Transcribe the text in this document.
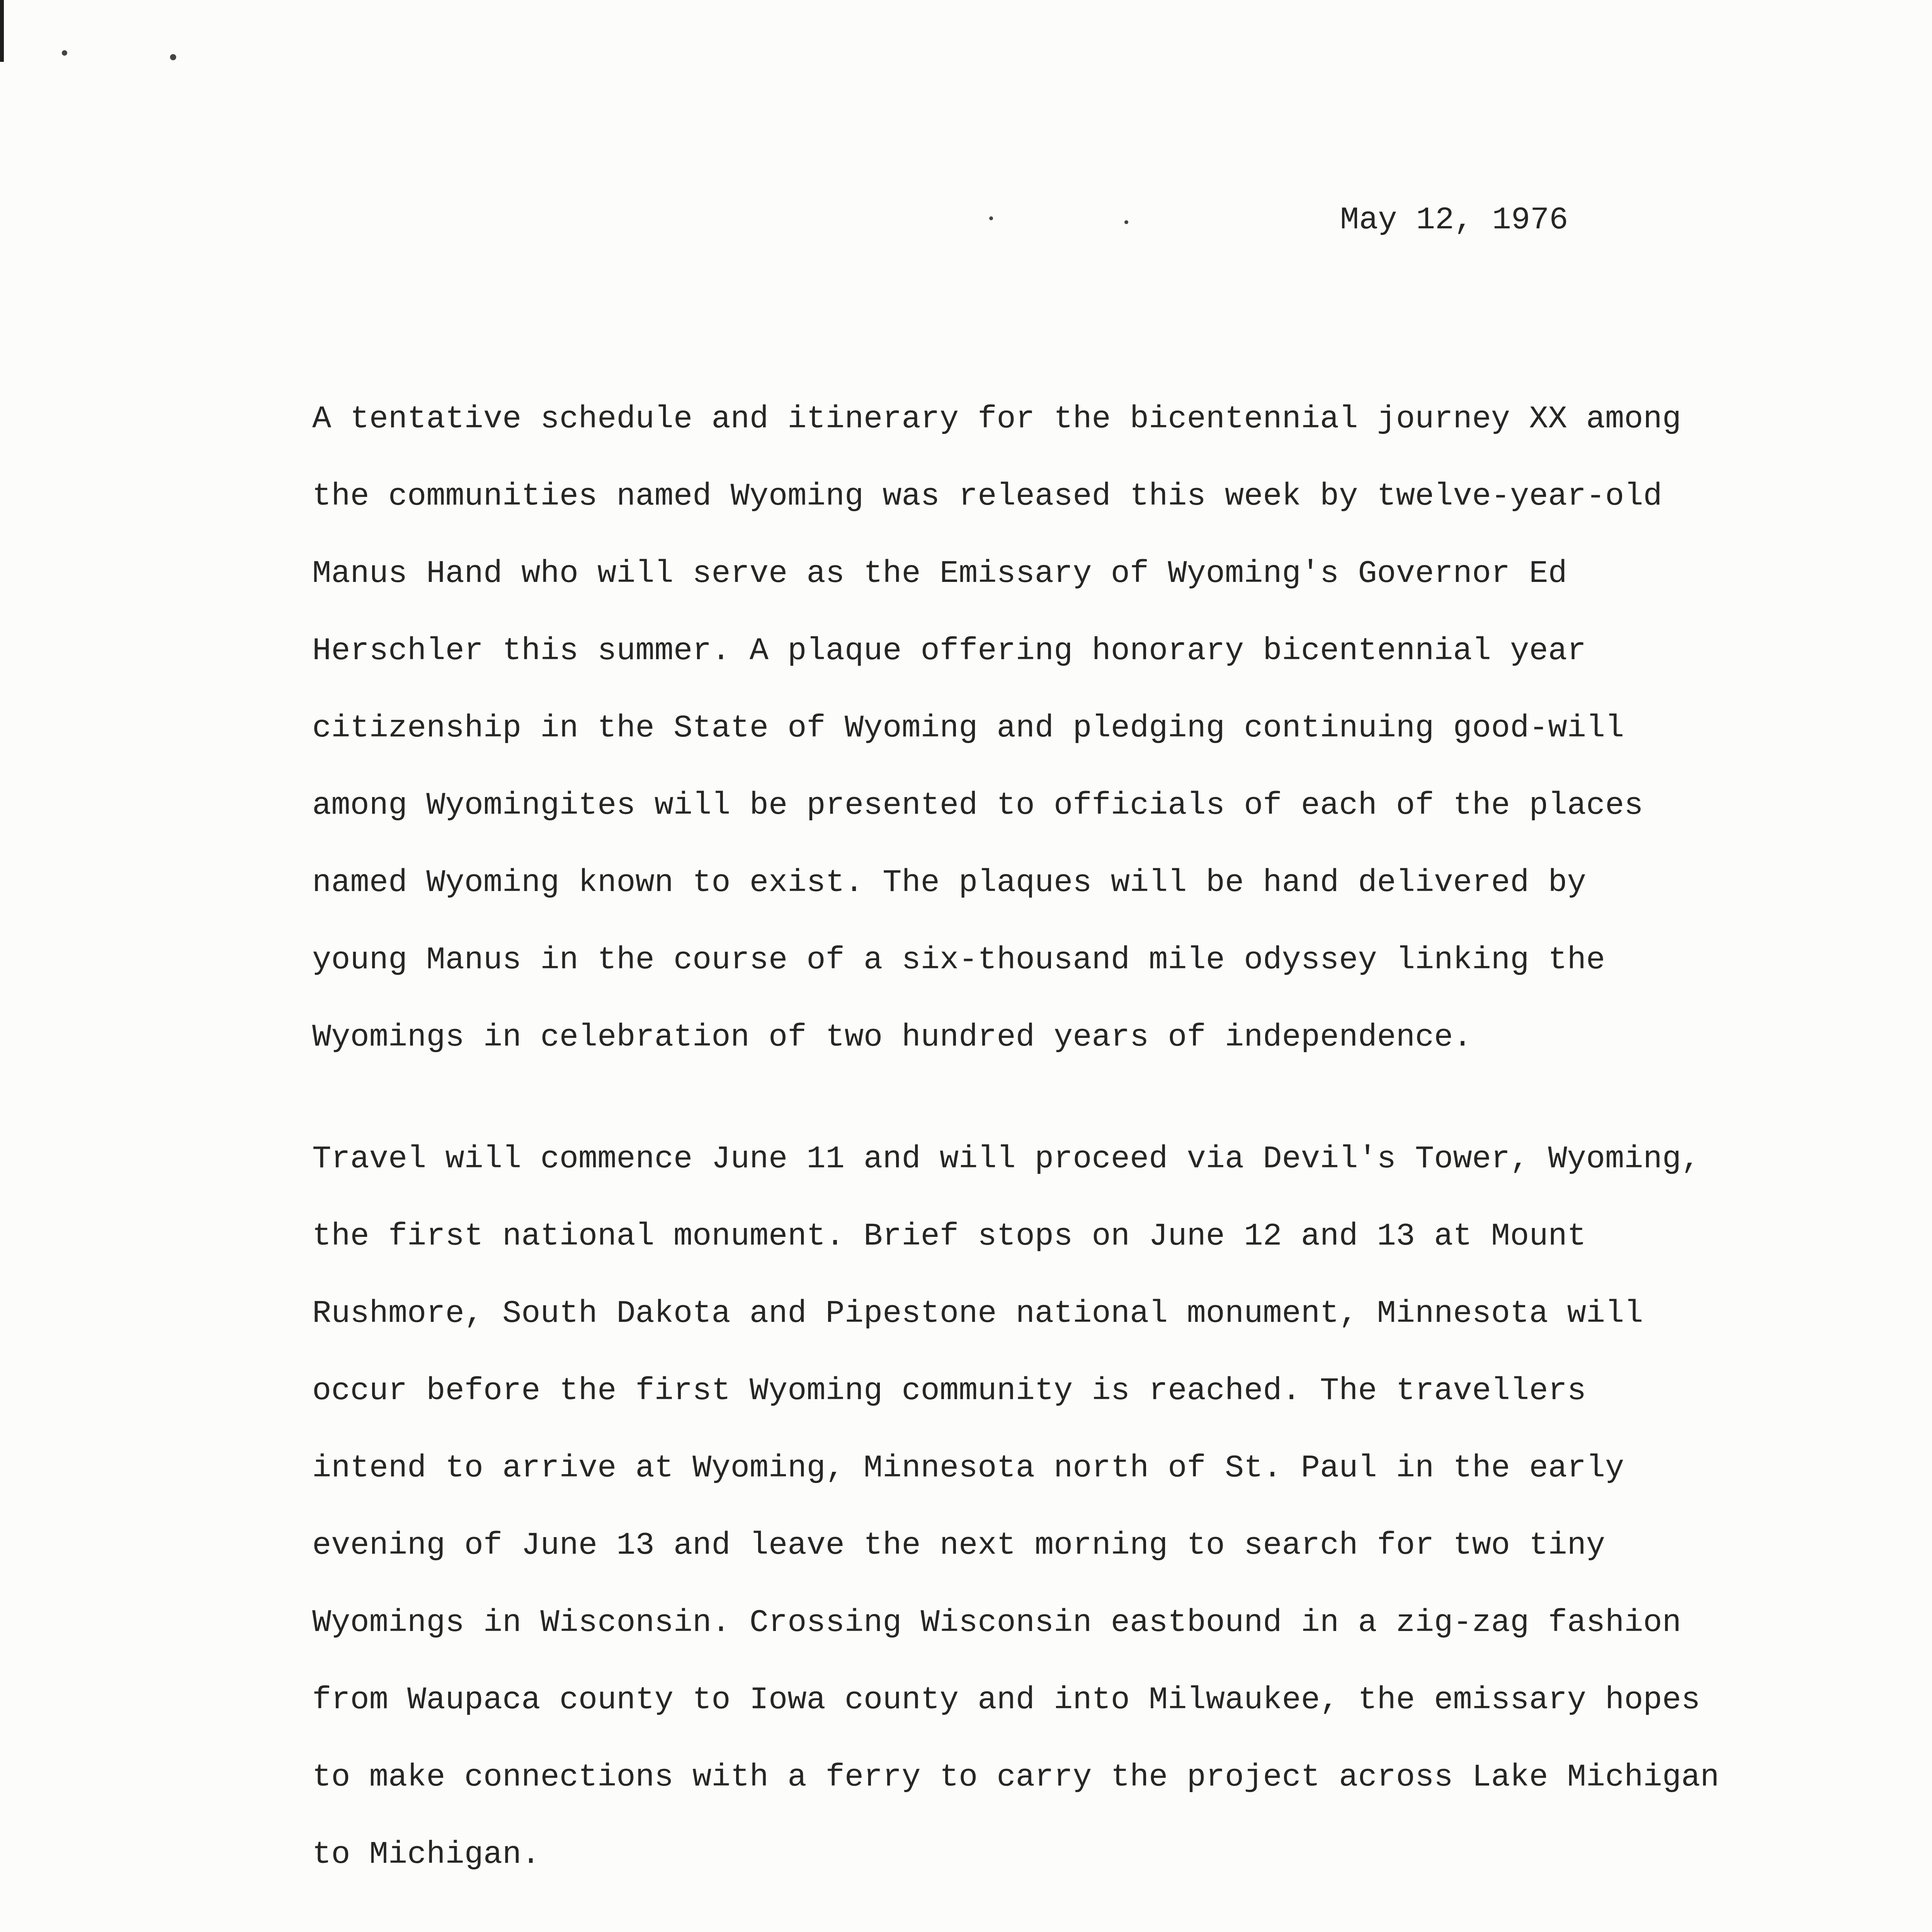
May 12, 1976
A tentative schedule and itinerary for the bicentennial journey XX among
the communities named Wyoming was released this week by twelve-year-old
Manus Hand who will serve as the Emissary of Wyoming's Governor Ed
Herschler this summer. A plaque offering honorary bicentennial year
citizenship in the State of Wyoming and pledging continuing good-will
among Wyomingites will be presented to officials of each of the places
named Wyoming known to exist. The plaques will be hand delivered by
young Manus in the course of a six-thousand mile odyssey linking the
Wyomings in celebration of two hundred years of independence.
Travel will commence June 11 and will proceed via Devil's Tower, Wyoming,
the first national monument. Brief stops on June 12 and 13 at Mount
Rushmore, South Dakota and Pipestone national monument, Minnesota will
occur before the first Wyoming community is reached. The travellers
intend to arrive at Wyoming, Minnesota north of St. Paul in the early
evening of June 13 and leave the next morning to search for two tiny
Wyomings in Wisconsin. Crossing Wisconsin eastbound in a zig-zag fashion
from Waupaca county to Iowa county and into Milwaukee, the emissary hopes
to make connections with a ferry to carry the project across Lake Michigan
to Michigan.
